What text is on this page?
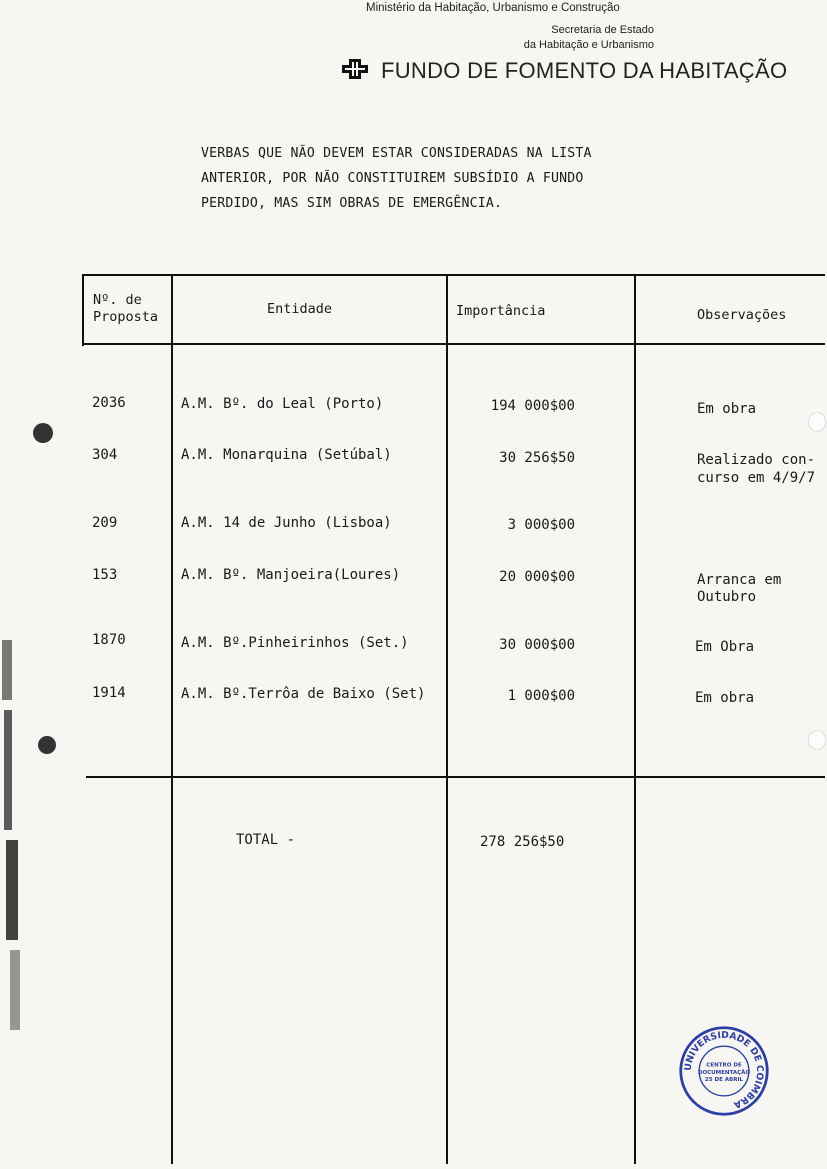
Ministério da Habitação, Urbanismo e Construção
Secretaria de Estado
da Habitação e Urbanismo
FUNDO DE FOMENTO DA HABITAÇÃO
VERBAS QUE NÃO DEVEM ESTAR CONSIDERADAS NA LISTA
ANTERIOR, POR NÃO CONSTITUIREM SUBSÍDIO A FUNDO
PERDIDO, MAS SIM OBRAS DE EMERGÊNCIA.
Nº. de
Proposta	Entidade	Importância	Observações
2036	A.M. Bº. do Leal (Porto)	194 000$00	Em obra
304	A.M. Monarquina (Setúbal)	30 256$50	Realizado con-
curso em 4/9/7
209	A.M. 14 de Junho (Lisboa)	3 000$00
153	A.M. Bº. Manjoeira(Loures)	20 000$00	Arranca em
Outubro
1870	A.M. Bº.Pinheirinhos (Set.)	30 000$00	Em Obra
1914	A.M. Bº.Terrôa de Baixo (Set)	1 000$00	Em obra
TOTAL -	278 256$50
UNIVERSIDADE DE COIMBRA
CENTRO DE
DOCUMENTAÇÃO
25 DE ABRIL
